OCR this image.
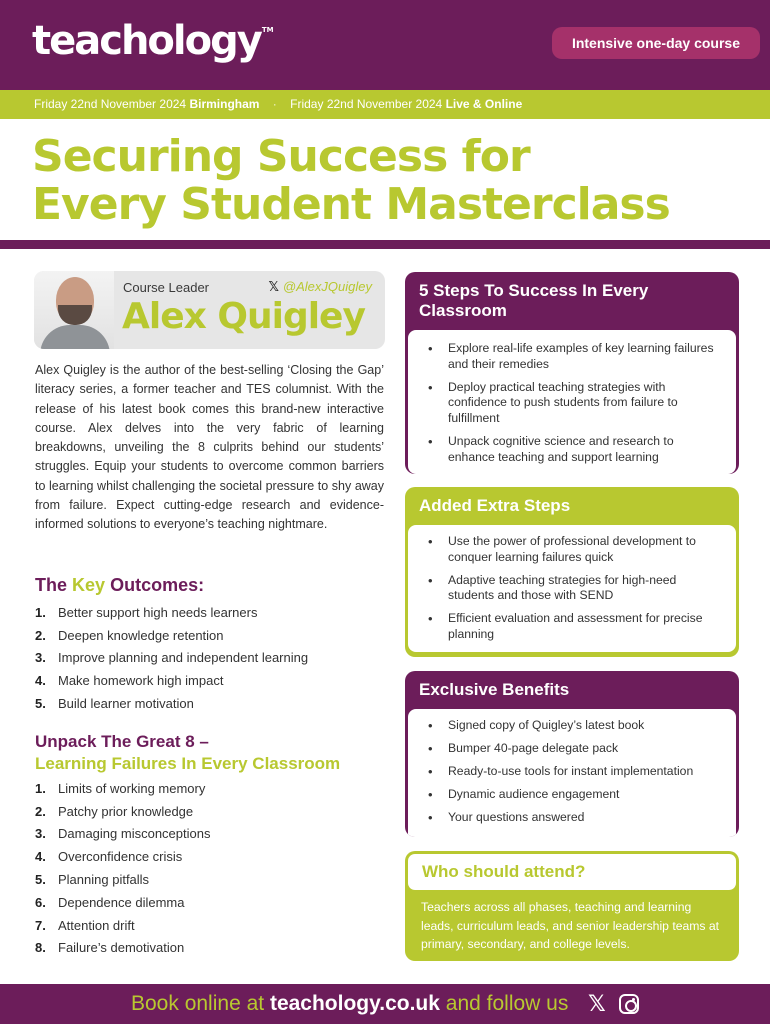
teachology™
Intensive one-day course
Friday 22nd November 2024 Birmingham · Friday 22nd November 2024 Live & Online
Securing Success for
Every Student Masterclass
Course Leader	𝕏 @AlexJQuigley
Alex Quigley
Alex Quigley is the author of the best-selling ‘Closing the Gap’ literacy series, a former teacher and TES columnist. With the release of his latest book comes this brand-new interactive course. Alex delves into the very fabric of learning breakdowns, unveiling the 8 culprits behind our students’ struggles. Equip your students to overcome common barriers to learning whilst challenging the societal pressure to shy away from failure. Expect cutting-edge research and evidence-informed solutions to everyone’s teaching nightmare.
The Key Outcomes:
1. Better support high needs learners
2. Deepen knowledge retention
3. Improve planning and independent learning
4. Make homework high impact
5. Build learner motivation
Unpack The Great 8 –
Learning Failures In Every Classroom
1. Limits of working memory
2. Patchy prior knowledge
3. Damaging misconceptions
4. Overconfidence crisis
5. Planning pitfalls
6. Dependence dilemma
7. Attention drift
8. Failure’s demotivation
5 Steps To Success In Every Classroom
• Explore real-life examples of key learning failures and their remedies
• Deploy practical teaching strategies with confidence to push students from failure to fulfillment
• Unpack cognitive science and research to enhance teaching and support learning
Added Extra Steps
• Use the power of professional development to conquer learning failures quick
• Adaptive teaching strategies for high-need students and those with SEND
• Efficient evaluation and assessment for precise planning
Exclusive Benefits
• Signed copy of Quigley’s latest book
• Bumper 40-page delegate pack
• Ready-to-use tools for instant implementation
• Dynamic audience engagement
• Your questions answered
Who should attend?
Teachers across all phases, teaching and learning leads, curriculum leads, and senior leadership teams at primary, secondary, and college levels.
Book online at teachology.co.uk and follow us 𝕏
